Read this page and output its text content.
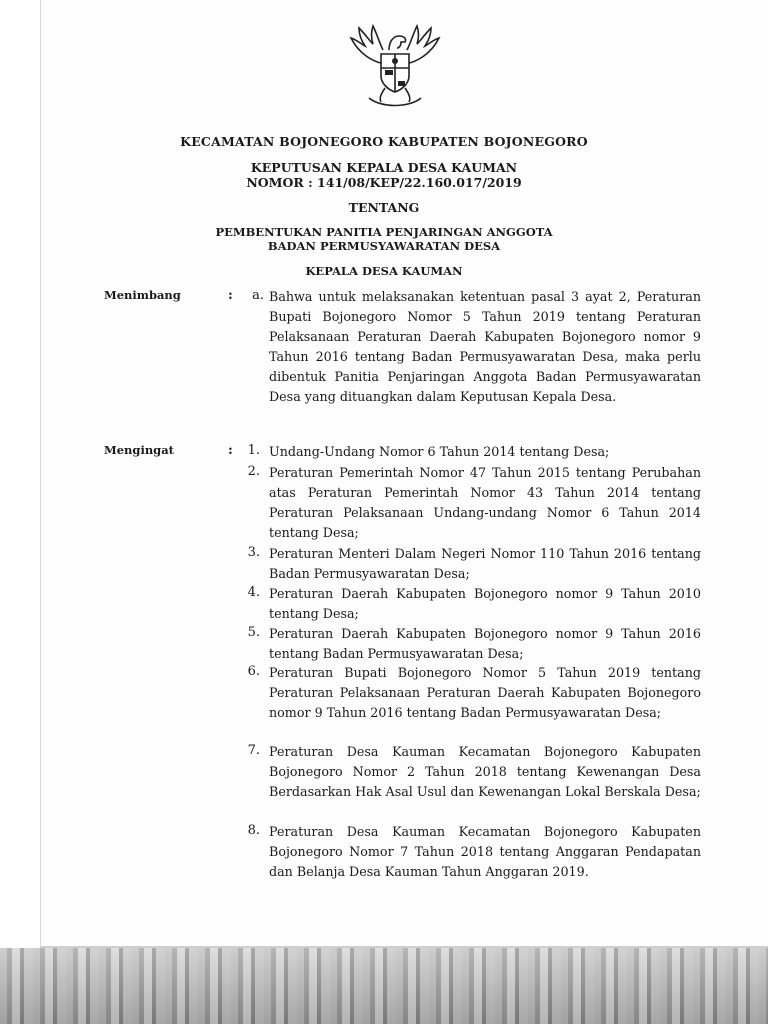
KECAMATAN BOJONEGORO KABUPATEN BOJONEGORO
KEPUTUSAN KEPALA DESA KAUMAN
NOMOR : 141/08/KEP/22.160.017/2019
TENTANG
PEMBENTUKAN PANITIA PENJARINGAN ANGGOTA
BADAN PERMUSYAWARATAN DESA
KEPALA DESA KAUMAN
Menimbang	:	a. Bahwa untuk melaksanakan ketentuan pasal 3 ayat 2, Peraturan Bupati Bojonegoro Nomor 5 Tahun 2019 tentang Peraturan Pelaksanaan Peraturan Daerah Kabupaten Bojonegoro nomor 9 Tahun 2016 tentang Badan Permusyawaratan Desa, maka perlu dibentuk Panitia Penjaringan Anggota Badan Permusyawaratan Desa yang dituangkan dalam Keputusan Kepala Desa.
Mengingat	:	1. Undang-Undang Nomor 6 Tahun 2014 tentang Desa;
2. Peraturan Pemerintah Nomor 47 Tahun 2015 tentang Perubahan atas Peraturan Pemerintah Nomor 43 Tahun 2014 tentang Peraturan Pelaksanaan Undang-undang Nomor 6 Tahun 2014 tentang Desa;
3. Peraturan Menteri Dalam Negeri Nomor 110 Tahun 2016 tentang Badan Permusyawaratan Desa;
4. Peraturan Daerah Kabupaten Bojonegoro nomor 9 Tahun 2010 tentang Desa;
5. Peraturan Daerah Kabupaten Bojonegoro nomor 9 Tahun 2016 tentang Badan Permusyawaratan Desa;
6. Peraturan Bupati Bojonegoro Nomor 5 Tahun 2019 tentang Peraturan Pelaksanaan Peraturan Daerah Kabupaten Bojonegoro nomor 9 Tahun 2016 tentang Badan Permusyawaratan Desa;
7. Peraturan Desa Kauman Kecamatan Bojonegoro Kabupaten Bojonegoro Nomor 2 Tahun 2018 tentang Kewenangan Desa Berdasarkan Hak Asal Usul dan Kewenangan Lokal Berskala Desa;
8. Peraturan Desa Kauman Kecamatan Bojonegoro Kabupaten Bojonegoro Nomor 7 Tahun 2018 tentang Anggaran Pendapatan dan Belanja Desa Kauman Tahun Anggaran 2019.
